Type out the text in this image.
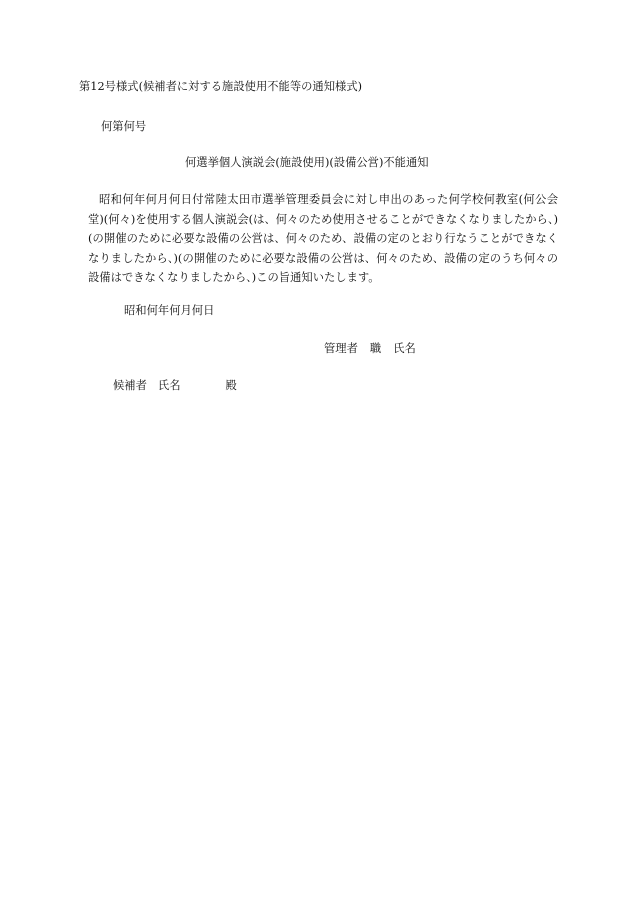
第12号様式(候補者に対する施設使用不能等の通知様式)
何第何号
何選挙個人演説会(施設使用)(設備公営)不能通知
昭和何年何月何日付常陸太田市選挙管理委員会に対し申出のあった何学校何教室(何公会堂)(何々)を使用する個人演説会(は、何々のため使用させることができなくなりましたから、)(の開催のために必要な設備の公営は、何々のため、設備の定のとおり行なうことができなくなりましたから、)(の開催のために必要な設備の公営は、何々のため、設備の定のうち何々の設備はできなくなりましたから、)この旨通知いたします。
昭和何年何月何日
管理者 職 氏名
候補者 氏名	殿
